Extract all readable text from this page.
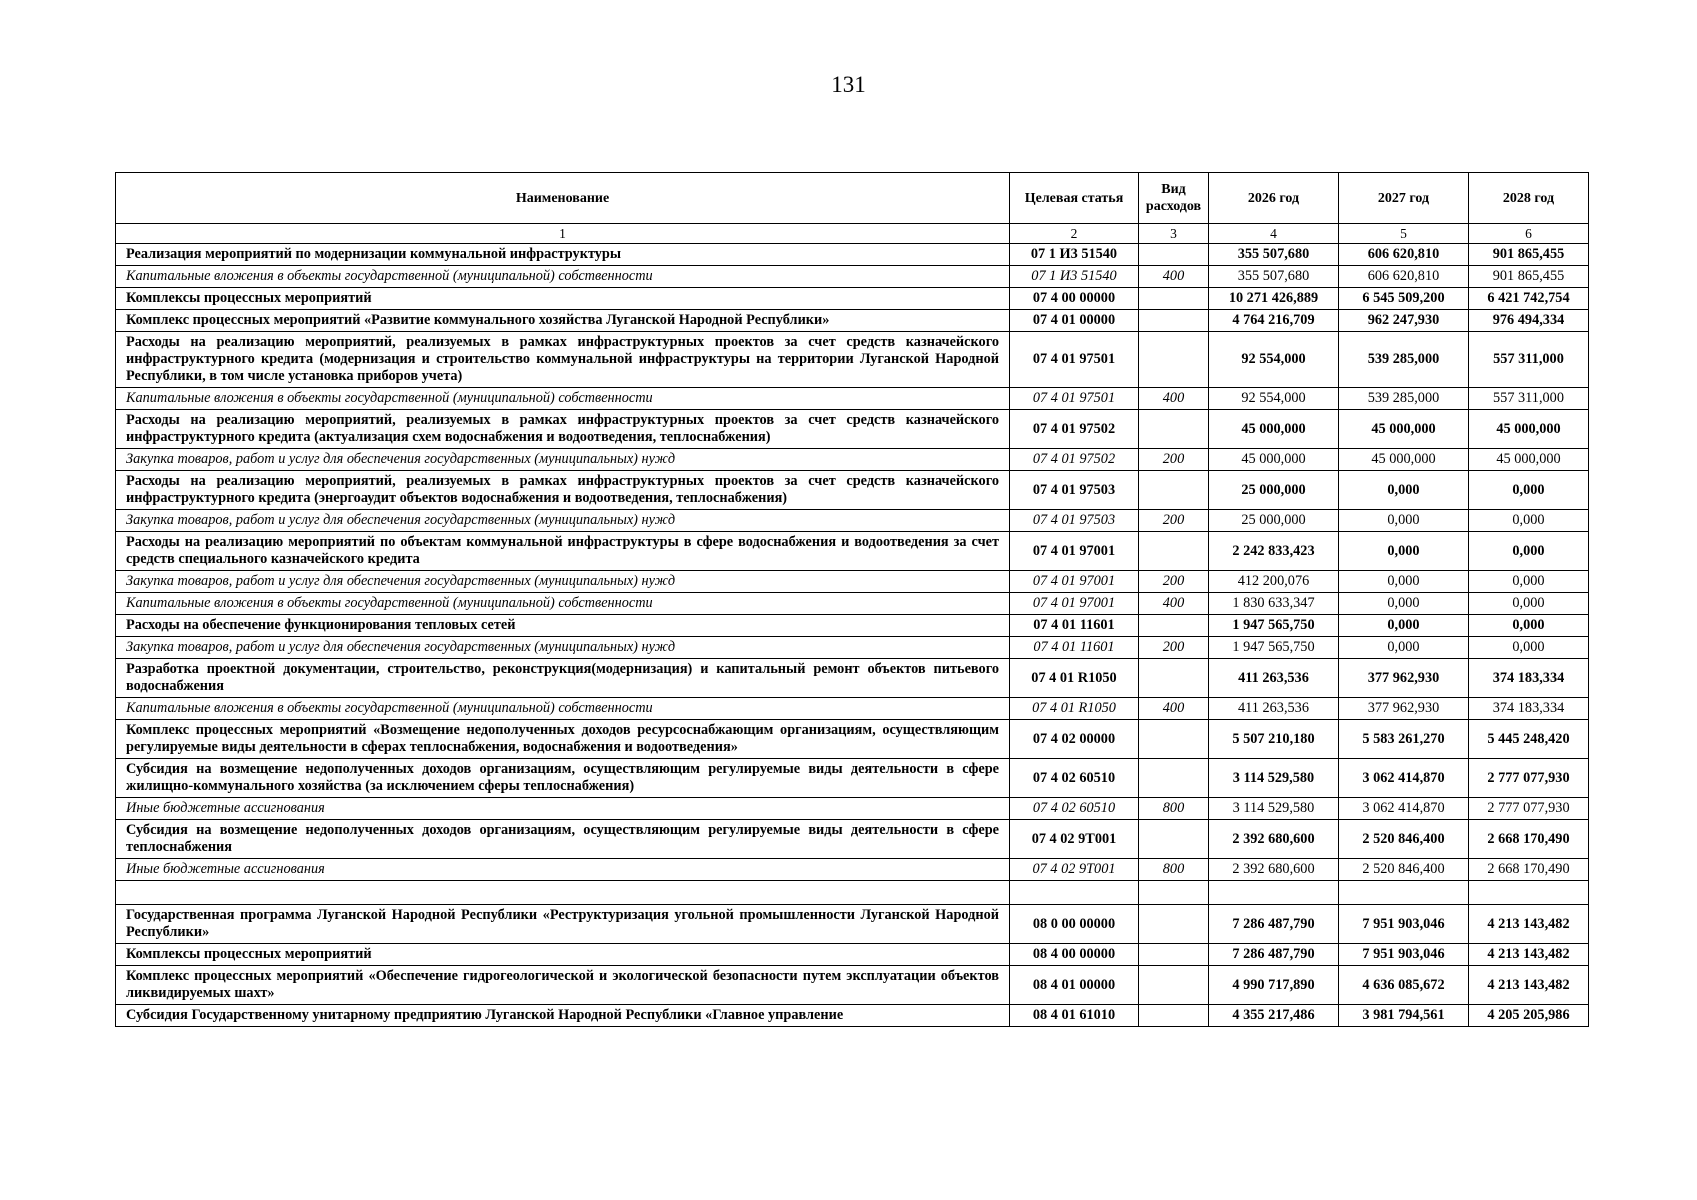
131
Наименование	Целевая статья	Вид расходов	2026 год	2027 год	2028 год
1	2	3	4	5	6
Реализация мероприятий по модернизации коммунальной инфраструктуры	07 1 И3 51540		355 507,680	606 620,810	901 865,455
Капитальные вложения в объекты государственной (муниципальной) собственности	07 1 И3 51540	400	355 507,680	606 620,810	901 865,455
Комплексы процессных мероприятий	07 4 00 00000		10 271 426,889	6 545 509,200	6 421 742,754
Комплекс процессных мероприятий «Развитие коммунального хозяйства Луганской Народной Республики»	07 4 01 00000		4 764 216,709	962 247,930	976 494,334
Расходы на реализацию мероприятий, реализуемых в рамках инфраструктурных проектов за счет средств казначейского инфраструктурного кредита (модернизация и строительство коммунальной инфраструктуры на территории Луганской Народной Республики, в том числе установка приборов учета)	07 4 01 97501		92 554,000	539 285,000	557 311,000
Капитальные вложения в объекты государственной (муниципальной) собственности	07 4 01 97501	400	92 554,000	539 285,000	557 311,000
Расходы на реализацию мероприятий, реализуемых в рамках инфраструктурных проектов за счет средств казначейского инфраструктурного кредита (актуализация схем водоснабжения и водоотведения, теплоснабжения)	07 4 01 97502		45 000,000	45 000,000	45 000,000
Закупка товаров, работ и услуг для обеспечения государственных (муниципальных) нужд	07 4 01 97502	200	45 000,000	45 000,000	45 000,000
Расходы на реализацию мероприятий, реализуемых в рамках инфраструктурных проектов за счет средств казначейского инфраструктурного кредита (энергоаудит объектов водоснабжения и водоотведения, теплоснабжения)	07 4 01 97503		25 000,000	0,000	0,000
Закупка товаров, работ и услуг для обеспечения государственных (муниципальных) нужд	07 4 01 97503	200	25 000,000	0,000	0,000
Расходы на реализацию мероприятий по объектам коммунальной инфраструктуры в сфере водоснабжения и водоотведения за счет средств специального казначейского кредита	07 4 01 97001		2 242 833,423	0,000	0,000
Закупка товаров, работ и услуг для обеспечения государственных (муниципальных) нужд	07 4 01 97001	200	412 200,076	0,000	0,000
Капитальные вложения в объекты государственной (муниципальной) собственности	07 4 01 97001	400	1 830 633,347	0,000	0,000
Расходы на обеспечение функционирования тепловых сетей	07 4 01 11601		1 947 565,750	0,000	0,000
Закупка товаров, работ и услуг для обеспечения государственных (муниципальных) нужд	07 4 01 11601	200	1 947 565,750	0,000	0,000
Разработка проектной документации, строительство, реконструкция(модернизация) и капитальный ремонт объектов питьевого водоснабжения	07 4 01 R1050		411 263,536	377 962,930	374 183,334
Капитальные вложения в объекты государственной (муниципальной) собственности	07 4 01 R1050	400	411 263,536	377 962,930	374 183,334
Комплекс процессных мероприятий «Возмещение недополученных доходов ресурсоснабжающим организациям, осуществляющим регулируемые виды деятельности в сферах теплоснабжения, водоснабжения и водоотведения»	07 4 02 00000		5 507 210,180	5 583 261,270	5 445 248,420
Субсидия на возмещение недополученных доходов организациям, осуществляющим регулируемые виды деятельности в сфере жилищно-коммунального хозяйства (за исключением сферы теплоснабжения)	07 4 02 60510		3 114 529,580	3 062 414,870	2 777 077,930
Иные бюджетные ассигнования	07 4 02 60510	800	3 114 529,580	3 062 414,870	2 777 077,930
Субсидия на возмещение недополученных доходов организациям, осуществляющим регулируемые виды деятельности в сфере теплоснабжения	07 4 02 9Т001		2 392 680,600	2 520 846,400	2 668 170,490
Иные бюджетные ассигнования	07 4 02 9Т001	800	2 392 680,600	2 520 846,400	2 668 170,490

Государственная программа Луганской Народной Республики «Реструктуризация угольной промышленности Луганской Народной Республики»	08 0 00 00000		7 286 487,790	7 951 903,046	4 213 143,482
Комплексы процессных мероприятий	08 4 00 00000		7 286 487,790	7 951 903,046	4 213 143,482
Комплекс процессных мероприятий «Обеспечение гидрогеологической и экологической безопасности путем эксплуатации объектов ликвидируемых шахт»	08 4 01 00000		4 990 717,890	4 636 085,672	4 213 143,482
Субсидия Государственному унитарному предприятию Луганской Народной Республики «Главное управление	08 4 01 61010		4 355 217,486	3 981 794,561	4 205 205,986
